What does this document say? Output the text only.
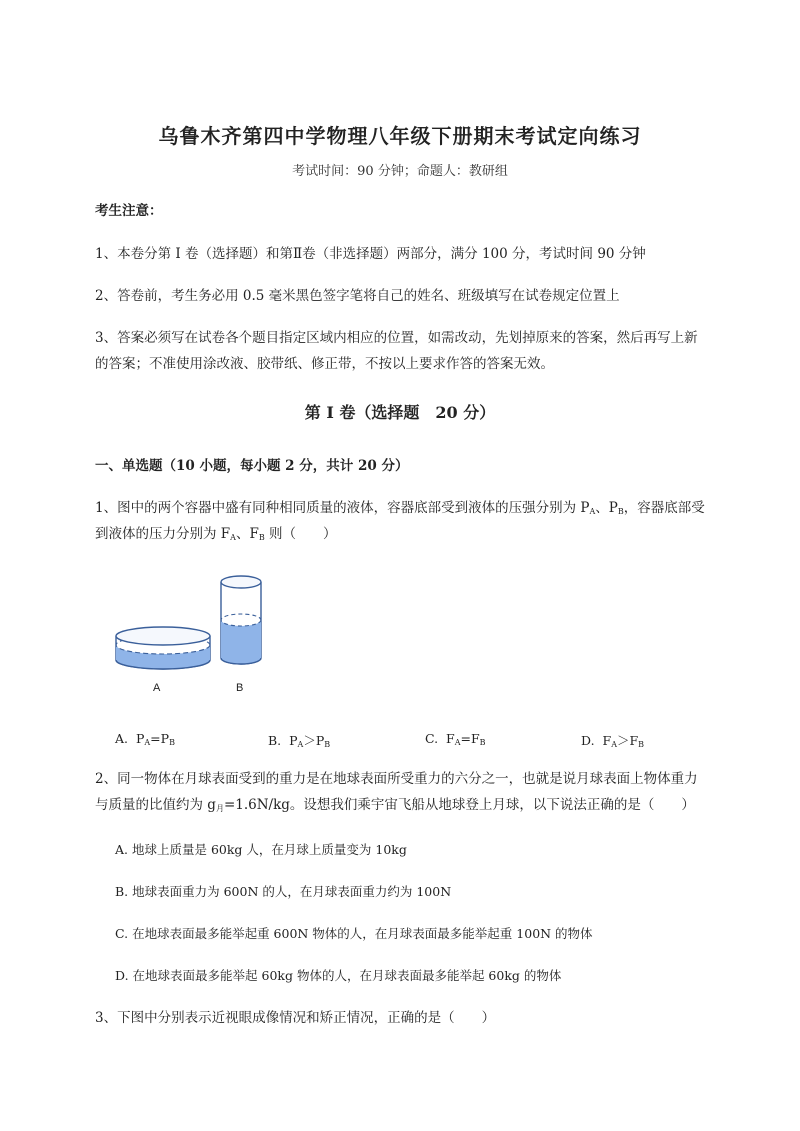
乌鲁木齐第四中学物理八年级下册期末考试定向练习
考试时间：90 分钟；命题人：教研组
考生注意：
1、本卷分第 I 卷（选择题）和第Ⅱ卷（非选择题）两部分，满分 100 分，考试时间 90 分钟
2、答卷前，考生务必用 0.5 毫米黑色签字笔将自己的姓名、班级填写在试卷规定位置上
3、答案必须写在试卷各个题目指定区域内相应的位置，如需改动，先划掉原来的答案，然后再写上新
的答案；不准使用涂改液、胶带纸、修正带，不按以上要求作答的答案无效。
第 I 卷（选择题　20 分）
一、单选题（10 小题，每小题 2 分，共计 20 分）
1、图中的两个容器中盛有同种相同质量的液体，容器底部受到液体的压强分别为 $P_A$、$P_B$，容器底部受
到液体的压力分别为 $F_A$、$F_B$ 则（　　）
A	B
A. $P_A=P_B$	B. $P_A>P_B$	C. $F_A=F_B$	D. $F_A>F_B$
2、同一物体在月球表面受到的重力是在地球表面所受重力的六分之一，也就是说月球表面上物体重力
与质量的比值约为 $g_月=1.6N/kg$。设想我们乘宇宙飞船从地球登上月球，以下说法正确的是（　　）
A. 地球上质量是 60kg 人，在月球上质量变为 10kg
B. 地球表面重力为 600N 的人，在月球表面重力约为 100N
C. 在地球表面最多能举起重 600N 物体的人，在月球表面最多能举起重 100N 的物体
D. 在地球表面最多能举起 60kg 物体的人，在月球表面最多能举起 60kg 的物体
3、下图中分别表示近视眼成像情况和矫正情况，正确的是（　　）
